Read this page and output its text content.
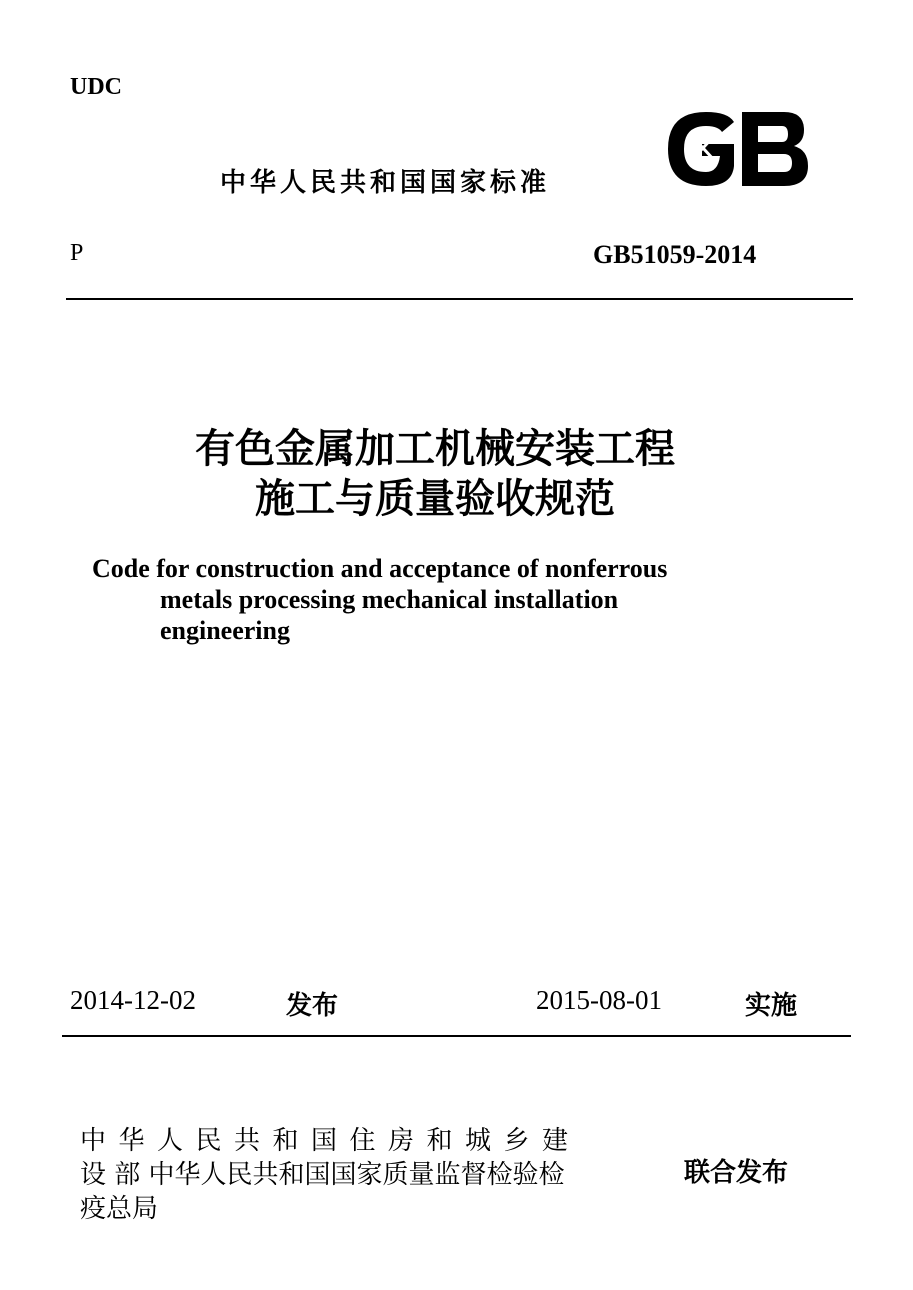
UDC
中华人民共和国国家标准
P	GB51059-2014
有色金属加工机械安装工程
施工与质量验收规范
Code for construction and acceptance of nonferrous
metals processing mechanical installation
engineering
2014-12-02	发布	2015-08-01	实施
中华人民共和国住房和城乡建
设 部 中华人民共和国国家质量监督检验检
疫总局
联合发布
